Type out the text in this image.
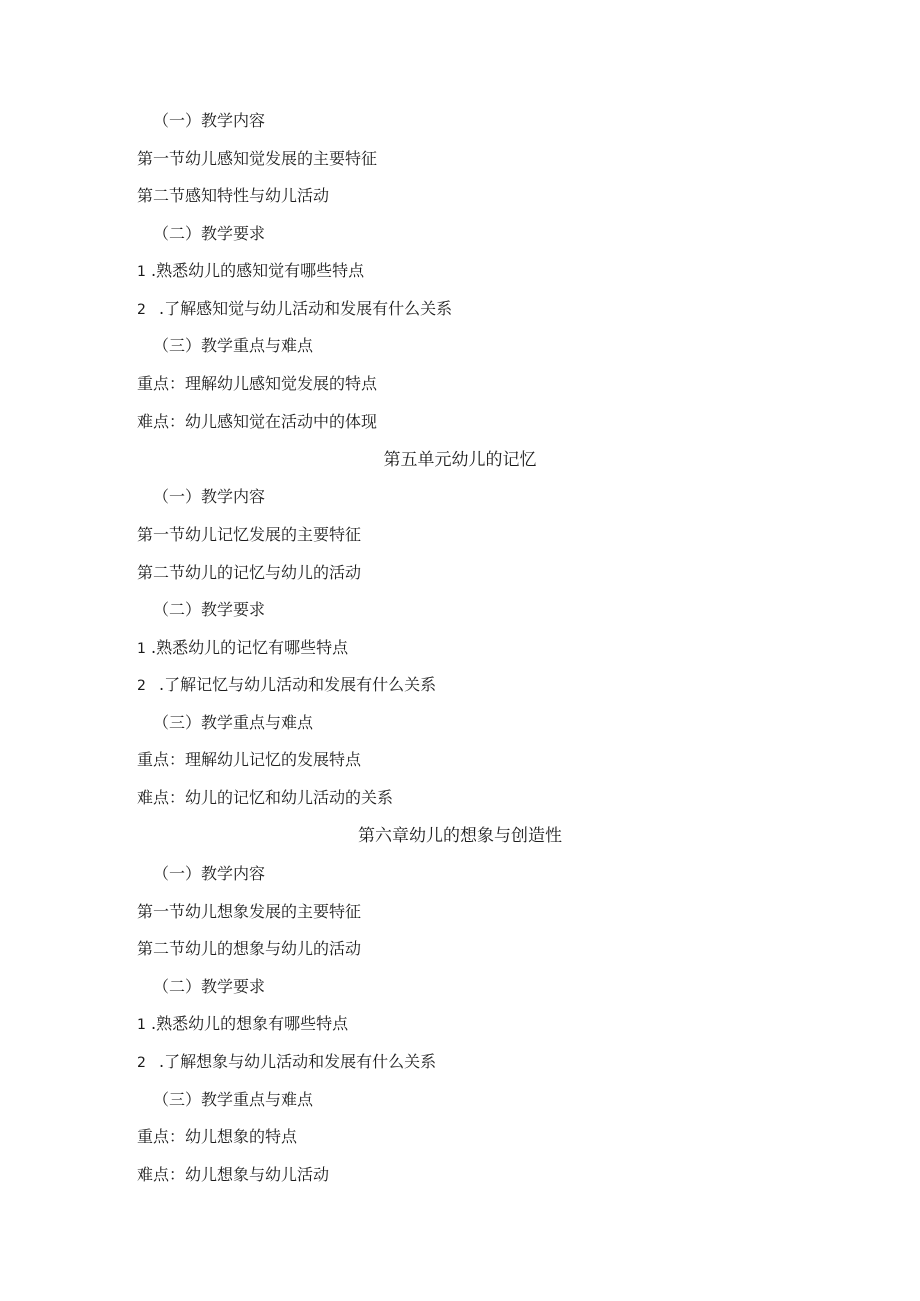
（一）教学内容
第一节幼儿感知觉发展的主要特征
第二节感知特性与幼儿活动
（二）教学要求
1 .熟悉幼儿的感知觉有哪些特点
2 .了解感知觉与幼儿活动和发展有什么关系
（三）教学重点与难点
重点：理解幼儿感知觉发展的特点
难点：幼儿感知觉在活动中的体现
第五单元幼儿的记忆
（一）教学内容
第一节幼儿记忆发展的主要特征
第二节幼儿的记忆与幼儿的活动
（二）教学要求
1 .熟悉幼儿的记忆有哪些特点
2 .了解记忆与幼儿活动和发展有什么关系
（三）教学重点与难点
重点：理解幼儿记忆的发展特点
难点：幼儿的记忆和幼儿活动的关系
第六章幼儿的想象与创造性
（一）教学内容
第一节幼儿想象发展的主要特征
第二节幼儿的想象与幼儿的活动
（二）教学要求
1 .熟悉幼儿的想象有哪些特点
2 .了解想象与幼儿活动和发展有什么关系
（三）教学重点与难点
重点：幼儿想象的特点
难点：幼儿想象与幼儿活动
